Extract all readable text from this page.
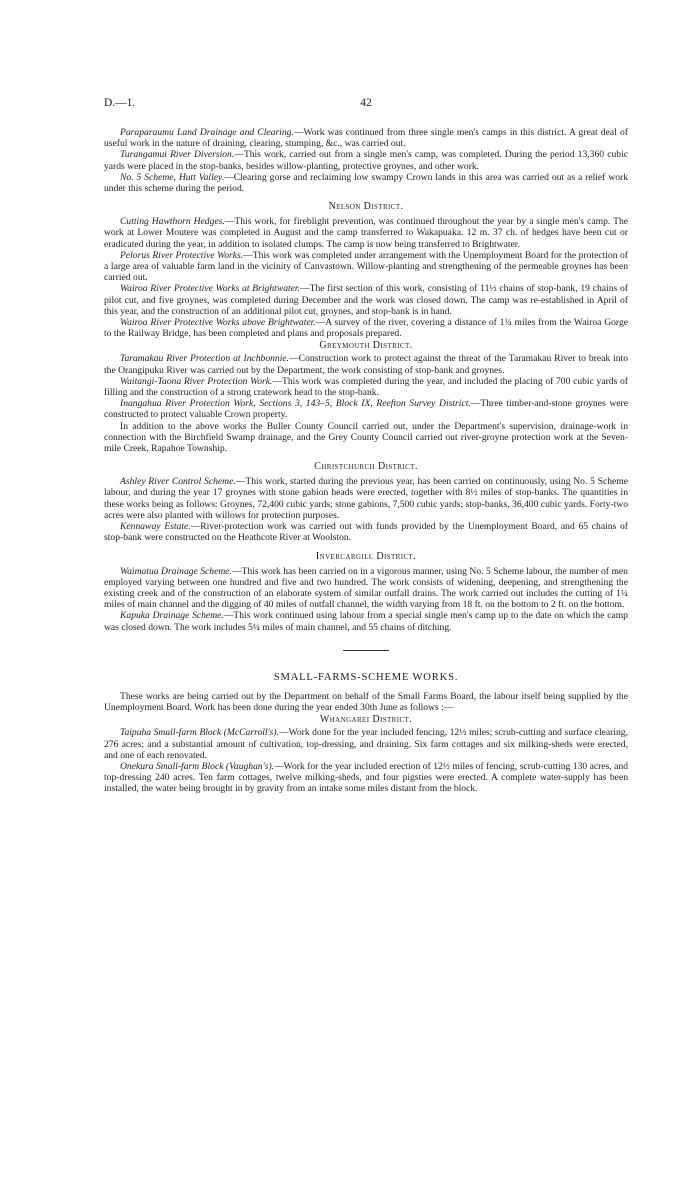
D.—1.	42

Paraparaumu Land Drainage and Clearing.—Work was continued from three single men's camps in this district. A great deal of useful work in the nature of draining, clearing, stumping, &c., was carried out.

Turangamui River Diversion.—This work, carried out from a single men's camp, was completed. During the period 13,360 cubic yards were placed in the stop-banks, besides willow-planting, protective groynes, and other work.

No. 5 Scheme, Hutt Valley.—Clearing gorse and reclaiming low swampy Crown lands in this area was carried out as a relief work under this scheme during the period.

Nelson District.

Cutting Hawthorn Hedges.—This work, for fireblight prevention, was continued throughout the year by a single men's camp. The work at Lower Moutere was completed in August and the camp transferred to Wakapuaka. 12 m. 37 ch. of hedges have been cut or eradicated during the year, in addition to isolated clumps. The camp is now being transferred to Brightwater.

Pelorus River Protective Works.—This work was completed under arrangement with the Unemployment Board for the protection of a large area of valuable farm land in the vicinity of Canvastown. Willow-planting and strengthening of the permeable groynes has been carried out.

Wairoa River Protective Works at Brightwater.—The first section of this work, consisting of 11½ chains of stop-bank, 19 chains of pilot cut, and five groynes, was completed during December and the work was closed down. The camp was re-established in April of this year, and the construction of an additional pilot cut, groynes, and stop-bank is in hand.

Wairoa River Protective Works above Brightwater.—A survey of the river, covering a distance of 1¾ miles from the Wairoa Gorge to the Railway Bridge, has been completed and plans and proposals prepared.

Greymouth District.

Taramakau River Protection at Inchbonnie.—Construction work to protect against the threat of the Taramakau River to break into the Orangipuku River was carried out by the Department, the work consisting of stop-bank and groynes.

Waitangi-Taona River Protection Work.—This work was completed during the year, and included the placing of 700 cubic yards of filling and the construction of a strong cratework head to the stop-bank.

Inangahua River Protection Work, Sections 3, 143–5, Block IX, Reefton Survey District.—Three timber-and-stone groynes were constructed to protect valuable Crown property.

In addition to the above works the Buller County Council carried out, under the Department's supervision, drainage-work in connection with the Birchfield Swamp drainage, and the Grey County Council carried out river-groyne protection work at the Seven-mile Creek, Rapahoe Township.

Christchurch District.

Ashley River Control Scheme.—This work, started during the previous year, has been carried on continuously, using No. 5 Scheme labour, and during the year 17 groynes with stone gabion heads were erected, together with 8½ miles of stop-banks. The quantities in these works being as follows: Groynes, 72,400 cubic yards; stone gabions, 7,500 cubic yards; stop-banks, 36,400 cubic yards. Forty-two acres were also planted with willows for protection purposes.

Kennaway Estate.—River-protection work was carried out with funds provided by the Unemployment Board, and 65 chains of stop-bank were constructed on the Heathcote River at Woolston.

Invercargill District.

Waimatua Drainage Scheme.—This work has been carried on in a vigorous manner, using No. 5 Scheme labour, the number of men employed varying between one hundred and five and two hundred. The work consists of widening, deepening, and strengthening the existing creek and of the construction of an elaborate system of similar outfall drains. The work carried out includes the cutting of 1¼ miles of main channel and the digging of 40 miles of outfall channel, the width varying from 18 ft. on the bottom to 2 ft. on the bottom.

Kapuka Drainage Scheme.—This work continued using labour from a special single men's camp up to the date on which the camp was closed down. The work includes 5¼ miles of main channel, and 55 chains of ditching.

SMALL-FARMS-SCHEME WORKS.

These works are being carried out by the Department on behalf of the Small Farms Board, the labour itself being supplied by the Unemployment Board. Work has been done during the year ended 30th June as follows :—

Whangarei District.

Taipuha Small-farm Block (McCarroll's).—Work done for the year included fencing, 12½ miles; scrub-cutting and surface clearing, 276 acres; and a substantial amount of cultivation, top-dressing, and draining. Six farm cottages and six milking-sheds were erected, and one of each renovated.

Onekura Small-farm Block (Vaughan's).—Work for the year included erection of 12½ miles of fencing, scrub-cutting 130 acres, and top-dressing 240 acres. Ten farm cottages, twelve milking-sheds, and four pigsties were erected. A complete water-supply has been installed, the water being brought in by gravity from an intake some miles distant from the block.
